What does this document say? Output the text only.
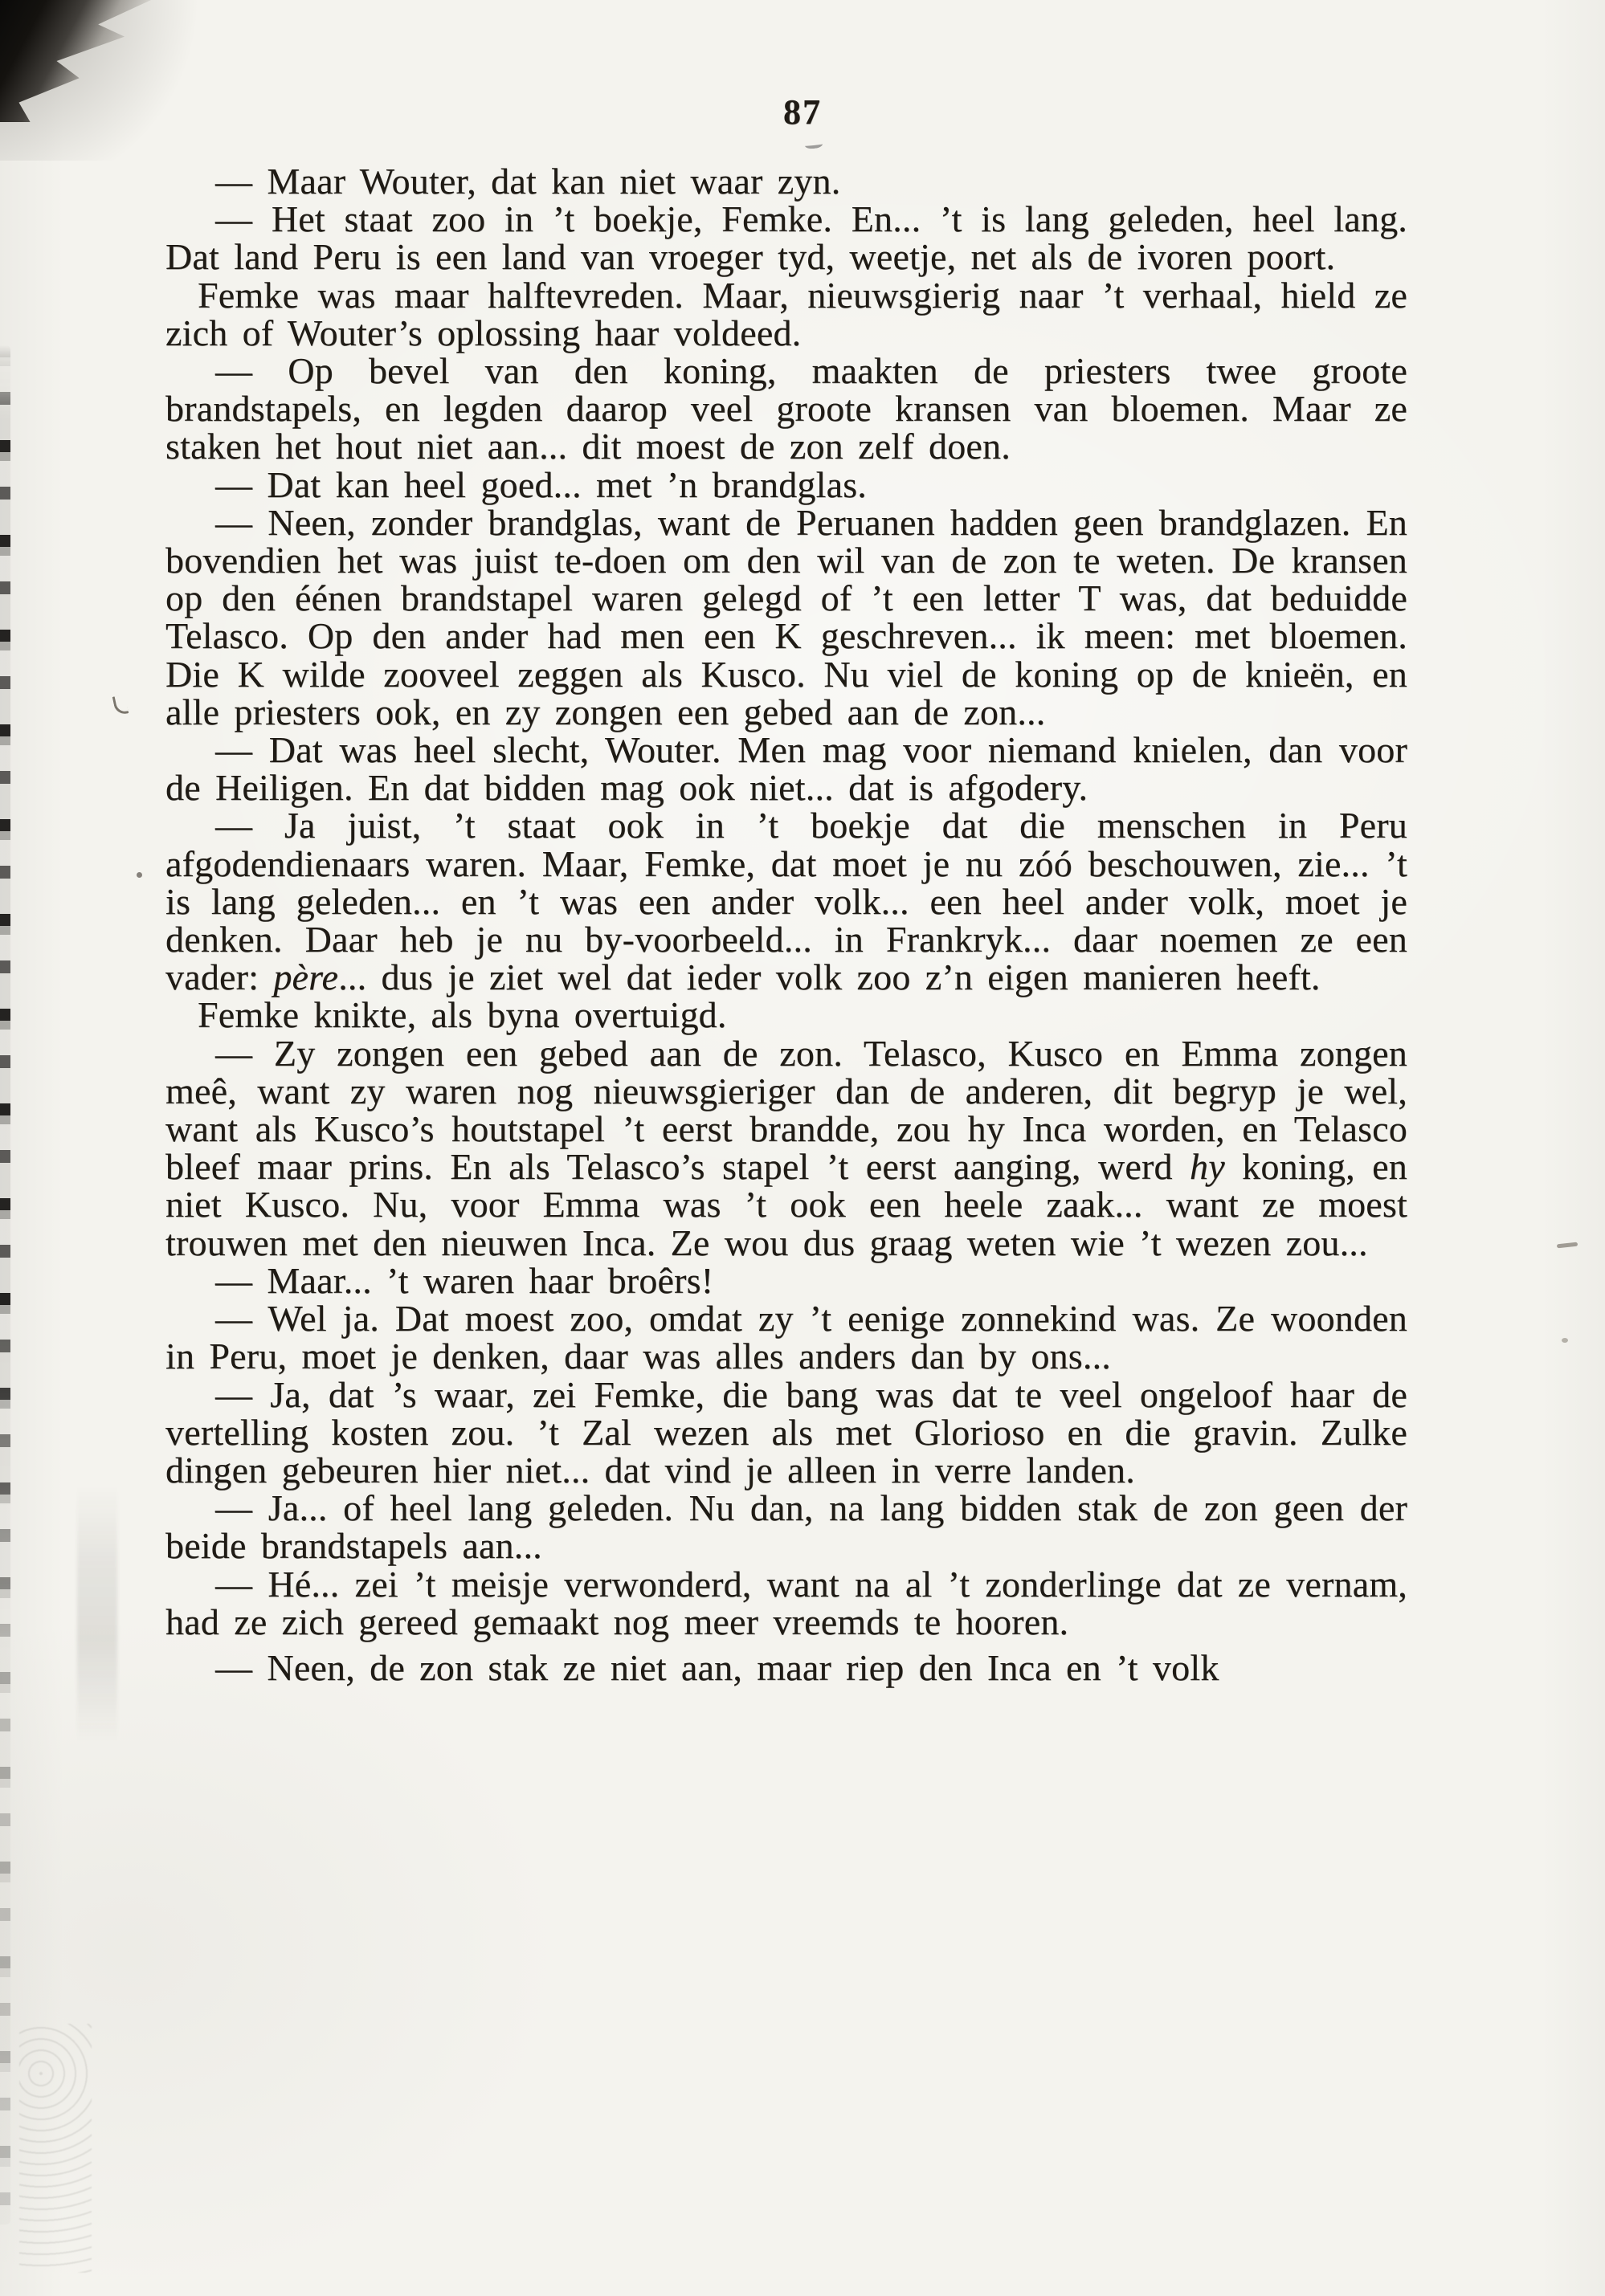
87

— Maar Wouter, dat kan niet waar zyn.

— Het staat zoo in ’t boekje, Femke. En... ’t is lang geleden, heel lang. Dat land Peru is een land van vroeger tyd, weetje, net als de ivoren poort.

Femke was maar halftevreden. Maar, nieuwsgierig naar ’t verhaal, hield ze zich of Wouter’s oplossing haar voldeed.

— Op bevel van den koning, maakten de priesters twee groote brandstapels, en legden daarop veel groote kransen van bloemen. Maar ze staken het hout niet aan... dit moest de zon zelf doen.

— Dat kan heel goed... met ’n brandglas.

— Neen, zonder brandglas, want de Peruanen hadden geen brandglazen. En bovendien het was juist te-doen om den wil van de zon te weten. De kransen op den éénen brandstapel waren gelegd of ’t een letter T was, dat beduidde Telasco. Op den ander had men een K geschreven... ik meen: met bloemen. Die K wilde zooveel zeggen als Kusco. Nu viel de koning op de knieën, en alle priesters ook, en zy zongen een gebed aan de zon...

— Dat was heel slecht, Wouter. Men mag voor niemand knielen, dan voor de Heiligen. En dat bidden mag ook niet... dat is afgodery.

— Ja juist, ’t staat ook in ’t boekje dat die menschen in Peru afgodendienaars waren. Maar, Femke, dat moet je nu zóó beschouwen, zie... ’t is lang geleden... en ’t was een ander volk... een heel ander volk, moet je denken. Daar heb je nu by-voorbeeld... in Frankryk... daar noemen ze een vader: père... dus je ziet wel dat ieder volk zoo z’n eigen manieren heeft.

Femke knikte, als byna overtuigd.

— Zy zongen een gebed aan de zon. Telasco, Kusco en Emma zongen meê, want zy waren nog nieuwsgieriger dan de anderen, dit begryp je wel, want als Kusco’s houtstapel ’t eerst brandde, zou hy Inca worden, en Telasco bleef maar prins. En als Telasco’s stapel ’t eerst aanging, werd hy koning, en niet Kusco. Nu, voor Emma was ’t ook een heele zaak... want ze moest trouwen met den nieuwen Inca. Ze wou dus graag weten wie ’t wezen zou...

— Maar... ’t waren haar broêrs!

— Wel ja. Dat moest zoo, omdat zy ’t eenige zonnekind was. Ze woonden in Peru, moet je denken, daar was alles anders dan by ons...

— Ja, dat ’s waar, zei Femke, die bang was dat te veel ongeloof haar de vertelling kosten zou. ’t Zal wezen als met Glorioso en die gravin. Zulke dingen gebeuren hier niet... dat vind je alleen in verre landen.

— Ja... of heel lang geleden. Nu dan, na lang bidden stak de zon geen der beide brandstapels aan...

— Hé... zei ’t meisje verwonderd, want na al ’t zonderlinge dat ze vernam, had ze zich gereed gemaakt nog meer vreemds te hooren.

— Neen, de zon stak ze niet aan, maar riep den Inca en ’t volk
